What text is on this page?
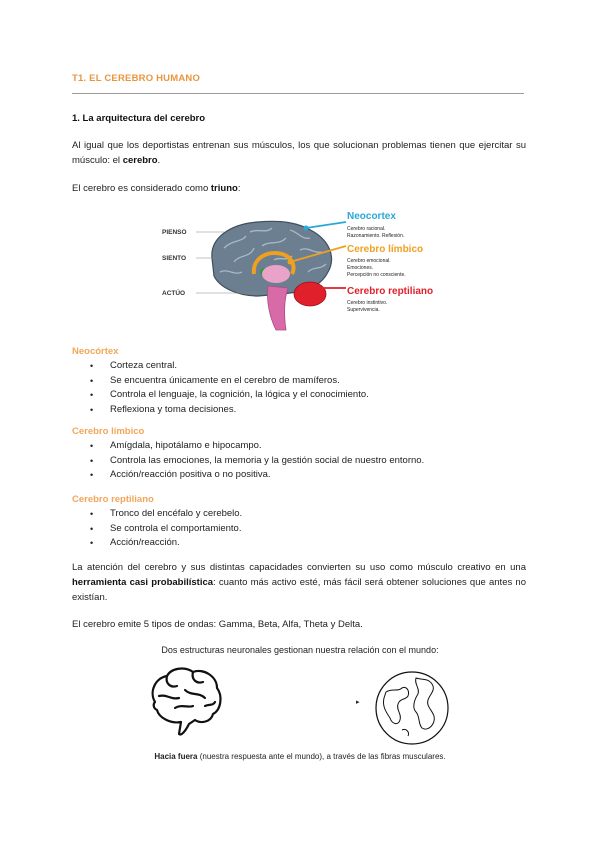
T1. EL CEREBRO HUMANO
1. La arquitectura del cerebro
Al igual que los deportistas entrenan sus músculos, los que solucionan problemas tienen que ejercitar su músculo: el cerebro.
El cerebro es considerado como triuno:
PIENSO
SIENTO
ACTÚO
Neocortex
Cerebro racional.
Razonamiento. Reflexión.
Cerebro límbico
Cerebro emocional.
Emociones.
Percepción no consciente.
Cerebro reptiliano
Cerebro instintivo.
Supervivencia.
Neocórtex
• Corteza central.
• Se encuentra únicamente en el cerebro de mamíferos.
• Controla el lenguaje, la cognición, la lógica y el conocimiento.
• Reflexiona y toma decisiones.
Cerebro límbico
• Amígdala, hipotálamo e hipocampo.
• Controla las emociones, la memoria y la gestión social de nuestro entorno.
• Acción/reacción positiva o no positiva.
Cerebro reptiliano
• Tronco del encéfalo y cerebelo.
• Se controla el comportamiento.
• Acción/reacción.
La atención del cerebro y sus distintas capacidades convierten su uso como músculo creativo en una herramienta casi probabilística: cuanto más activo esté, más fácil será obtener soluciones que antes no existían.
El cerebro emite 5 tipos de ondas: Gamma, Beta, Alfa, Theta y Delta.
Dos estructuras neuronales gestionan nuestra relación con el mundo:
▸
Hacia fuera (nuestra respuesta ante el mundo), a través de las fibras musculares.
